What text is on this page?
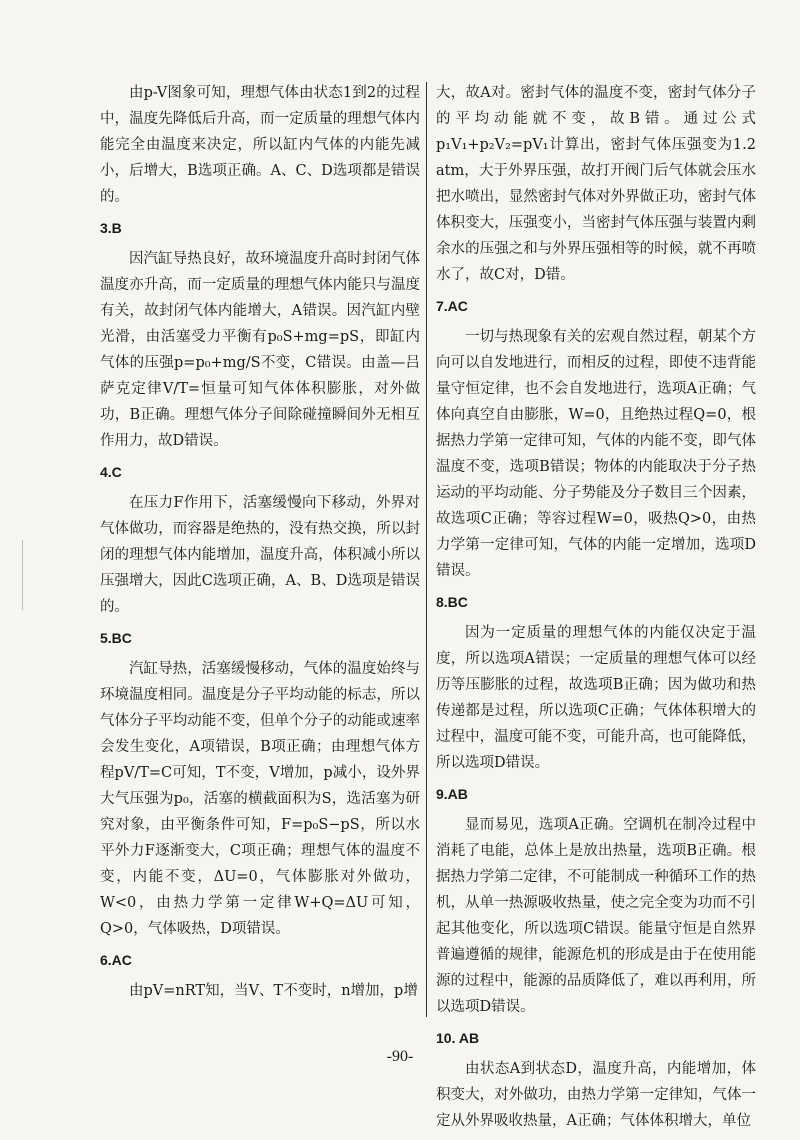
由p-V图象可知，理想气体由状态1到2的过程中，温度先降低后升高，而一定质量的理想气体内能完全由温度来决定，所以缸内气体的内能先减小，后增大，B选项正确。A、C、D选项都是错误的。

3.B

因汽缸导热良好，故环境温度升高时封闭气体温度亦升高，而一定质量的理想气体内能只与温度有关，故封闭气体内能增大，A错误。因汽缸内壁光滑，由活塞受力平衡有p₀S+mg=pS，即缸内气体的压强p=p₀+mg/S不变，C错误。由盖—吕萨克定律V/T=恒量可知气体体积膨胀，对外做功，B正确。理想气体分子间除碰撞瞬间外无相互作用力，故D错误。

4.C

在压力F作用下，活塞缓慢向下移动，外界对气体做功，而容器是绝热的，没有热交换，所以封闭的理想气体内能增加，温度升高，体积减小所以压强增大，因此C选项正确，A、B、D选项是错误的。

5.BC

汽缸导热，活塞缓慢移动，气体的温度始终与环境温度相同。温度是分子平均动能的标志，所以气体分子平均动能不变，但单个分子的动能或速率会发生变化，A项错误，B项正确；由理想气体方程pV/T=C可知，T不变，V增加，p减小，设外界大气压强为p₀，活塞的横截面积为S，选活塞为研究对象，由平衡条件可知，F=p₀S−pS，所以水平外力F逐渐变大，C项正确；理想气体的温度不变，内能不变，ΔU=0，气体膨胀对外做功，W<0，由热力学第一定律W+Q=ΔU可知，Q>0，气体吸热，D项错误。

6.AC

由pV=nRT知，当V、T不变时，n增加，p增

大，故A对。密封气体的温度不变，密封气体分子的平均动能就不变，故B错。通过公式p₁V₁+p₂V₂=pV₁计算出，密封气体压强变为1.2 atm，大于外界压强，故打开阀门后气体就会压水把水喷出，显然密封气体对外界做正功，密封气体体积变大，压强变小，当密封气体压强与装置内剩余水的压强之和与外界压强相等的时候，就不再喷水了，故C对，D错。

7.AC

一切与热现象有关的宏观自然过程，朝某个方向可以自发地进行，而相反的过程，即使不违背能量守恒定律，也不会自发地进行，选项A正确；气体向真空自由膨胀，W=0，且绝热过程Q=0，根据热力学第一定律可知，气体的内能不变，即气体温度不变，选项B错误；物体的内能取决于分子热运动的平均动能、分子势能及分子数目三个因素，故选项C正确；等容过程W=0，吸热Q>0，由热力学第一定律可知，气体的内能一定增加，选项D错误。

8.BC

因为一定质量的理想气体的内能仅决定于温度，所以选项A错误；一定质量的理想气体可以经历等压膨胀的过程，故选项B正确；因为做功和热传递都是过程，所以选项C正确；气体体积增大的过程中，温度可能不变，可能升高，也可能降低，所以选项D错误。

9.AB

显而易见，选项A正确。空调机在制冷过程中消耗了电能，总体上是放出热量，选项B正确。根据热力学第二定律，不可能制成一种循环工作的热机，从单一热源吸收热量，使之完全变为功而不引起其他变化，所以选项C错误。能量守恒是自然界普遍遵循的规律，能源危机的形成是由于在使用能源的过程中，能源的品质降低了，难以再利用，所以选项D错误。

10. AB

由状态A到状态D，温度升高，内能增加，体积变大，对外做功，由热力学第一定律知，气体一定从外界吸收热量，A正确；气体体积增大，单位

-90-
